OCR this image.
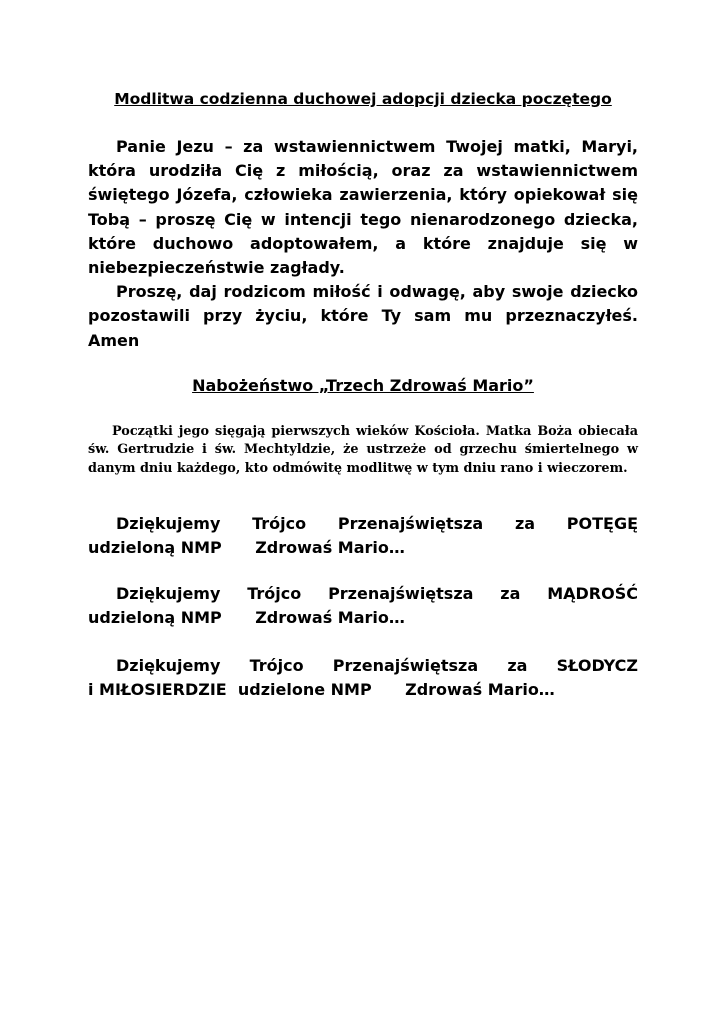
Modlitwa codzienna duchowej adopcji dziecka poczętego

Panie Jezu – za wstawiennictwem Twojej matki, Maryi, która urodziła Cię z miłością, oraz za wstawiennictwem świętego Józefa, człowieka zawierzenia, który opiekował się Tobą – proszę Cię w intencji tego nienarodzonego dziecka, które duchowo adoptowałem, a które znajduje się w niebezpieczeństwie zagłady.

Proszę, daj rodzicom miłość i odwagę, aby swoje dziecko pozostawili przy życiu, które Ty sam mu przeznaczyłeś. Amen

Nabożeństwo „Trzech Zdrowaś Mario”

Początki jego sięgają pierwszych wieków Kościoła. Matka Boża obiecała św. Gertrudzie i św. Mechtyldzie, że ustrzeże od grzechu śmiertelnego w danym dniu każdego, kto odmówitę modlitwę w tym dniu rano i wieczorem.

Dziękujemy Trójco Przenajświętsza za POTĘGĘ
udzieloną NMP      Zdrowaś Mario…
Dziękujemy Trójco Przenajświętsza za MĄDROŚĆ
udzieloną NMP      Zdrowaś Mario…
Dziękujemy Trójco Przenajświętsza za SŁODYCZ
i MIŁOSIERDZIE  udzielone NMP      Zdrowaś Mario…
